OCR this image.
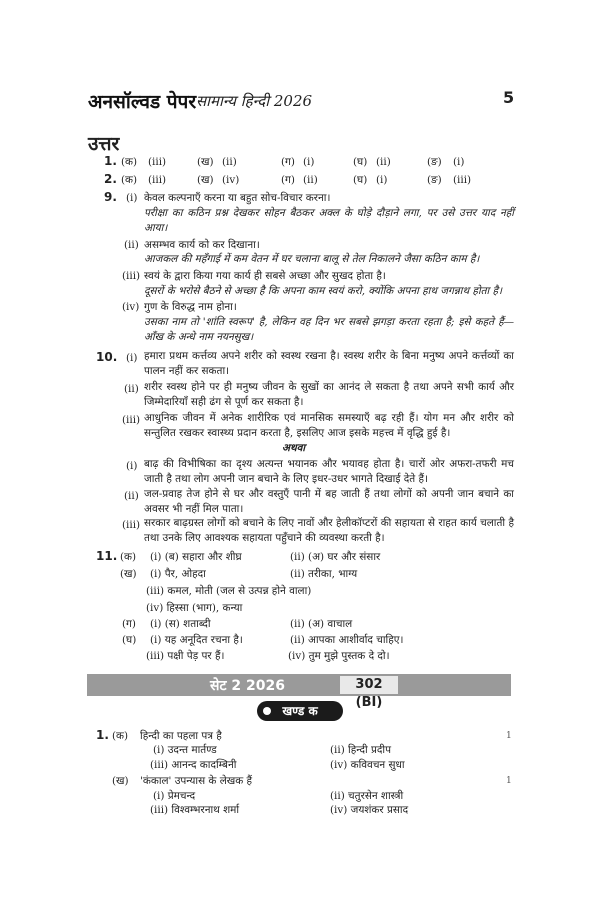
अनसॉल्वड पेपर सामान्य हिन्दी 2026	5
उत्तर
1. (क) (iii)	(ख) (ii)	(ग) (i)	(घ) (ii)	(ङ) (i)
2. (क) (iii)	(ख) (iv)	(ग) (ii)	(घ) (i)	(ङ) (iii)
9. (i) केवल कल्पनाएँ करना या बहुत सोच-विचार करना।
परीक्षा का कठिन प्रश्न देखकर सोहन बैठकर अक्ल के घोड़े दौड़ाने लगा, पर उसे उत्तर याद नहीं आया।
(ii) असम्भव कार्य को कर दिखाना।
आजकल की महँगाई में कम वेतन में घर चलाना बालू से तेल निकालने जैसा कठिन काम है।
(iii) स्वयं के द्वारा किया गया कार्य ही सबसे अच्छा और सुखद होता है।
दूसरों के भरोसे बैठने से अच्छा है कि अपना काम स्वयं करो, क्योंकि अपना हाथ जगन्नाथ होता है।
(iv) गुण के विरुद्ध नाम होना।
उसका नाम तो 'शांति स्वरूप' है, लेकिन वह दिन भर सबसे झगड़ा करता रहता है; इसे कहते हैं— आँख के अन्धे नाम नयनसुख।
10. (i) हमारा प्रथम कर्त्तव्य अपने शरीर को स्वस्थ रखना है। स्वस्थ शरीर के बिना मनुष्य अपने कर्त्तव्यों का पालन नहीं कर सकता।
(ii) शरीर स्वस्थ होने पर ही मनुष्य जीवन के सुखों का आनंद ले सकता है तथा अपने सभी कार्य और जिम्मेदारियाँ सही ढंग से पूर्ण कर सकता है।
(iii) आधुनिक जीवन में अनेक शारीरिक एवं मानसिक समस्याएँ बढ़ रही हैं। योग मन और शरीर को सन्तुलित रखकर स्वास्थ्य प्रदान करता है, इसलिए आज इसके महत्त्व में वृद्धि हुई है।
अथवा
(i) बाढ़ की विभीषिका का दृश्य अत्यन्त भयानक और भयावह होता है। चारों ओर अफरा-तफरी मच जाती है तथा लोग अपनी जान बचाने के लिए इधर-उधर भागते दिखाई देते हैं।
(ii) जल-प्रवाह तेज होने से घर और वस्तुएँ पानी में बह जाती हैं तथा लोगों को अपनी जान बचाने का अवसर भी नहीं मिल पाता।
(iii) सरकार बाढ़ग्रस्त लोगों को बचाने के लिए नावों और हेलीकॉप्टरों की सहायता से राहत कार्य चलाती है तथा उनके लिए आवश्यक सहायता पहुँचाने की व्यवस्था करती है।
11. (क) (i) (ब) सहारा और शीघ्र	(ii) (अ) घर और संसार
(ख) (i) पैर, ओहदा	(ii) तरीका, भाग्य
(iii) कमल, मोती (जल से उत्पन्न होने वाला)
(iv) हिस्सा (भाग), कन्या
(ग) (i) (स) शताब्दी	(ii) (अ) वाचाल
(घ) (i) यह अनूदित रचना है।	(ii) आपका आशीर्वाद चाहिए।
(iii) पक्षी पेड़ पर हैं।	(iv) तुम मुझे पुस्तक दे दो।
सेट 2 2026	302 (BI)
खण्ड क
1. (क) हिन्दी का पहला पत्र है	1
(i) उदन्त मार्तण्ड	(ii) हिन्दी प्रदीप
(iii) आनन्द कादम्बिनी	(iv) कविवचन सुधा
(ख) 'कंकाल' उपन्यास के लेखक हैं	1
(i) प्रेमचन्द	(ii) चतुरसेन शास्त्री
(iii) विश्वम्भरनाथ शर्मा	(iv) जयशंकर प्रसाद
